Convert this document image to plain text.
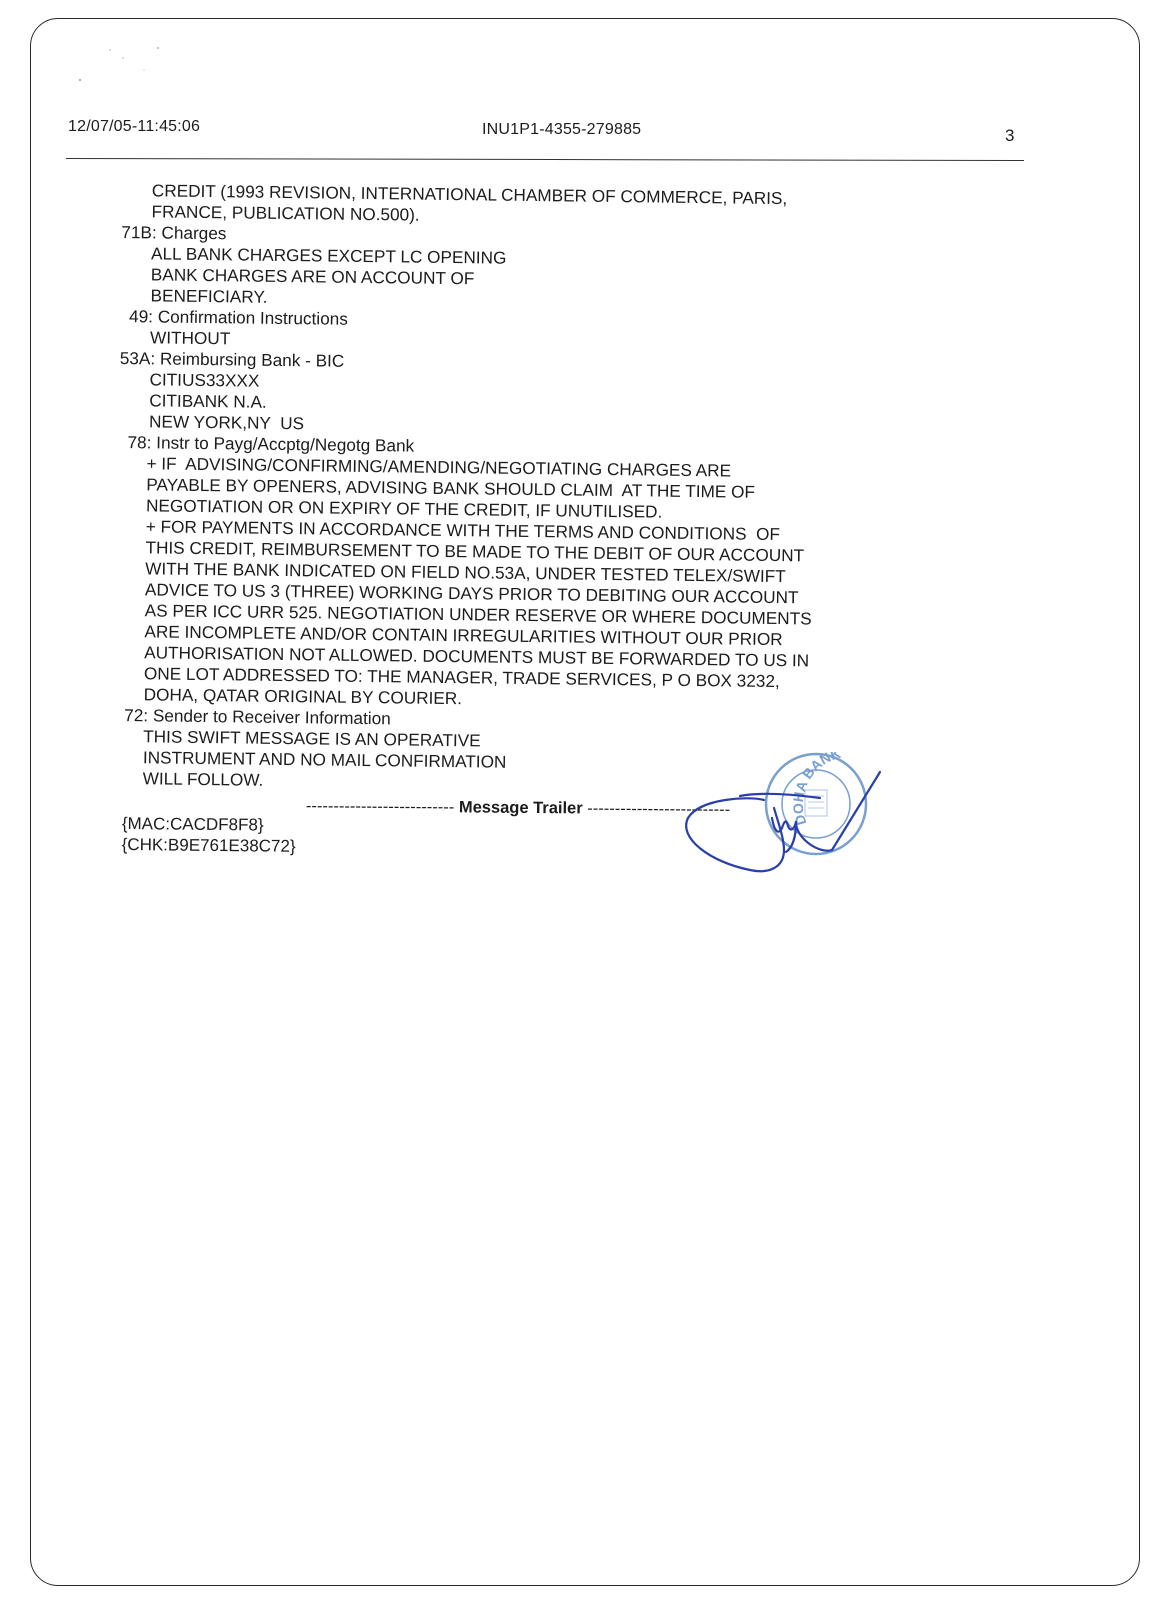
12/07/05-11:45:06	INU1P1-4355-279885	3
CREDIT (1993 REVISION, INTERNATIONAL CHAMBER OF COMMERCE, PARIS,
FRANCE, PUBLICATION NO.500).
71B: Charges
ALL BANK CHARGES EXCEPT LC OPENING
BANK CHARGES ARE ON ACCOUNT OF
BENEFICIARY.
49: Confirmation Instructions
WITHOUT
53A: Reimbursing Bank - BIC
CITIUS33XXX
CITIBANK N.A.
NEW YORK,NY  US
78: Instr to Payg/Accptg/Negotg Bank
+ IF  ADVISING/CONFIRMING/AMENDING/NEGOTIATING CHARGES ARE
PAYABLE BY OPENERS, ADVISING BANK SHOULD CLAIM  AT THE TIME OF
NEGOTIATION OR ON EXPIRY OF THE CREDIT, IF UNUTILISED.
+ FOR PAYMENTS IN ACCORDANCE WITH THE TERMS AND CONDITIONS  OF
THIS CREDIT, REIMBURSEMENT TO BE MADE TO THE DEBIT OF OUR ACCOUNT
WITH THE BANK INDICATED ON FIELD NO.53A, UNDER TESTED TELEX/SWIFT
ADVICE TO US 3 (THREE) WORKING DAYS PRIOR TO DEBITING OUR ACCOUNT
AS PER ICC URR 525. NEGOTIATION UNDER RESERVE OR WHERE DOCUMENTS
ARE INCOMPLETE AND/OR CONTAIN IRREGULARITIES WITHOUT OUR PRIOR
AUTHORISATION NOT ALLOWED. DOCUMENTS MUST BE FORWARDED TO US IN
ONE LOT ADDRESSED TO: THE MANAGER, TRADE SERVICES, P O BOX 3232,
DOHA, QATAR ORIGINAL BY COURIER.
72: Sender to Receiver Information
THIS SWIFT MESSAGE IS AN OPERATIVE
INSTRUMENT AND NO MAIL CONFIRMATION
WILL FOLLOW.
--------------------------- Message Trailer --------------------------
{MAC:CACDF8F8}
{CHK:B9E761E38C72}
DOHA BANK
